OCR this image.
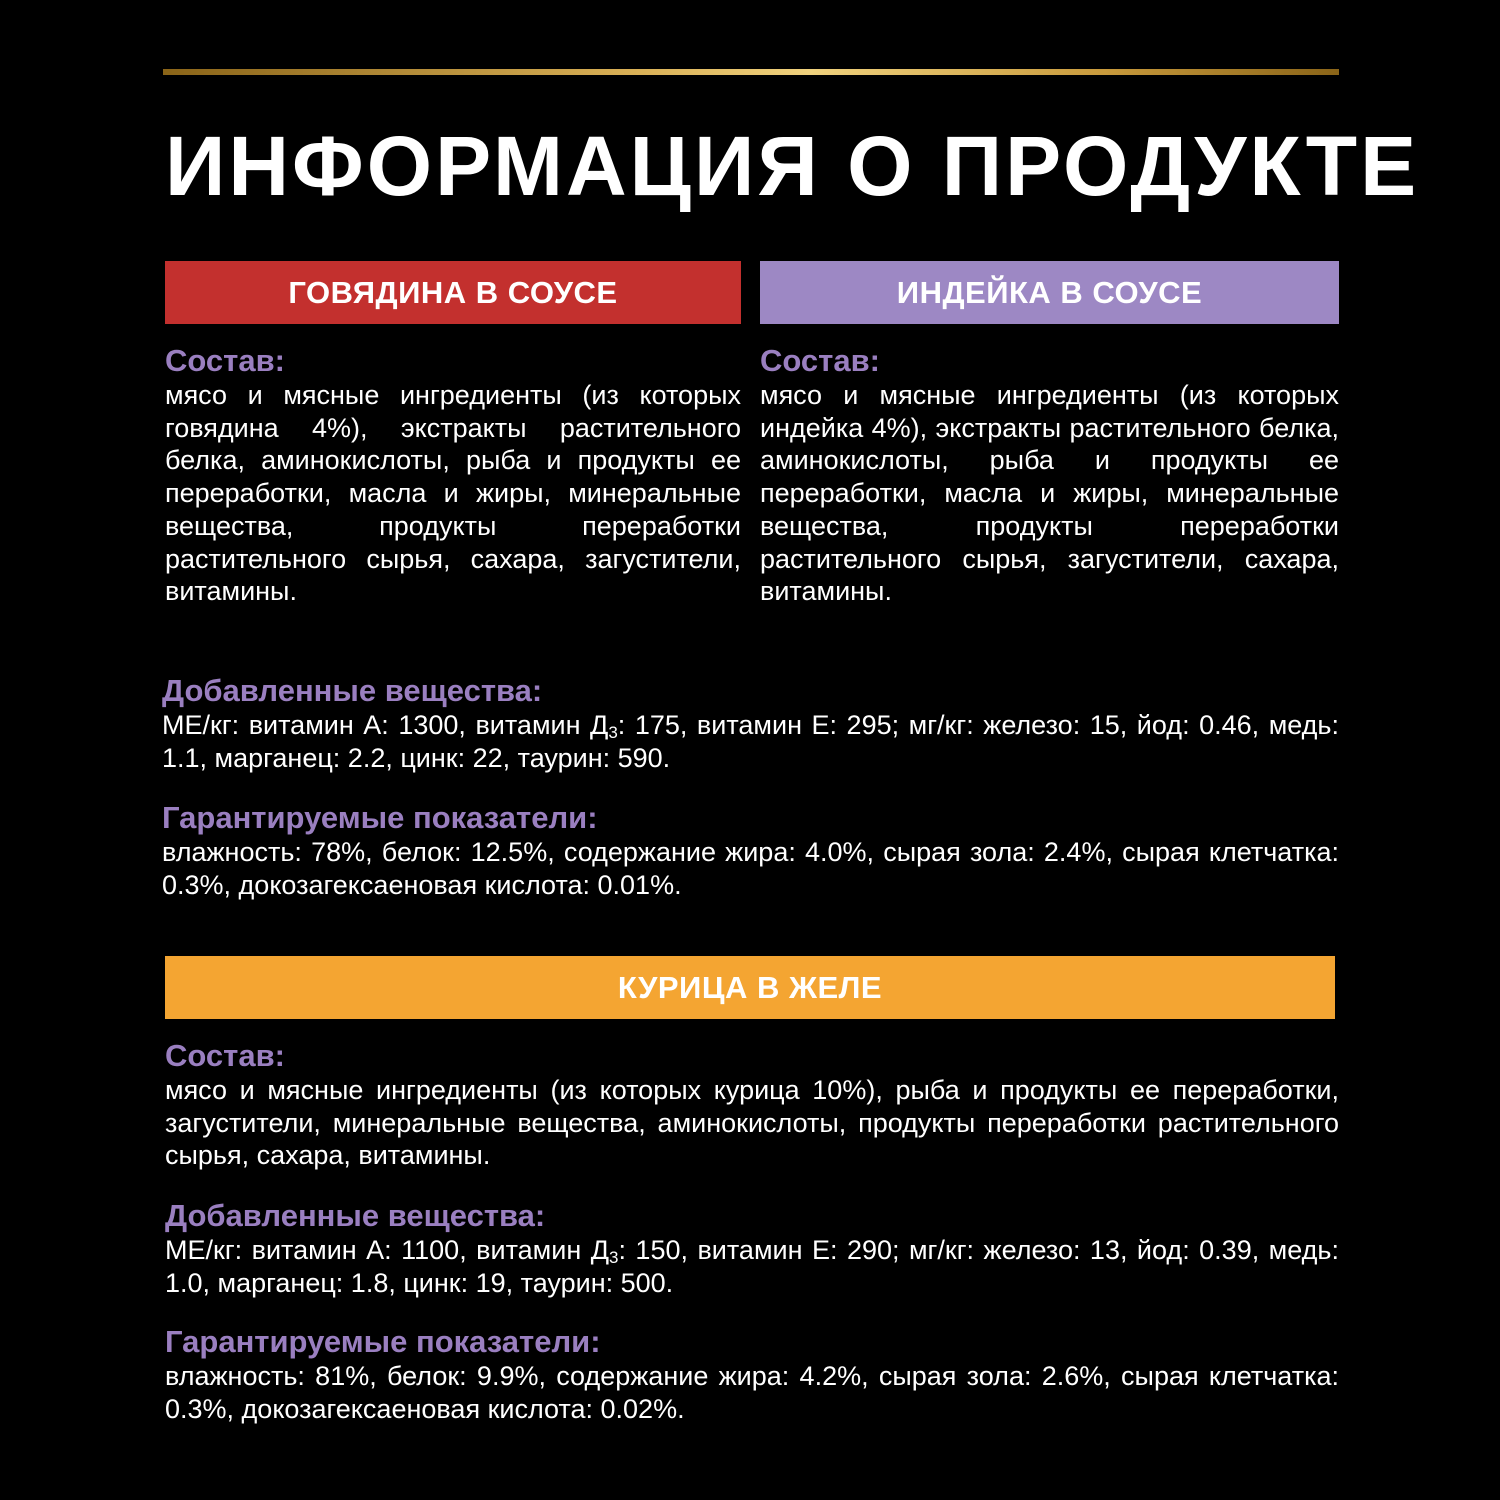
ИНФОРМАЦИЯ О ПРОДУКТЕ
ГОВЯДИНА В СОУСЕ

Состав:

мясо и мясные ингредиенты (из которых говядина 4%), экстракты растительного белка, аминокислоты, рыба и продукты ее переработки, масла и жиры, минеральные вещества, продукты переработки растительного сырья, сахара, загустители, витамины.

ИНДЕЙКА В СОУСЕ

Состав:

мясо и мясные ингредиенты (из которых индейка 4%), экстракты растительного белка, аминокислоты, рыба и продукты ее переработки, масла и жиры, минеральные вещества, продукты переработки растительного сырья, загустители, сахара, витамины.

Добавленные вещества:

МЕ/кг: витамин А: 1300, витамин $Д_3$: 175, витамин Е: 295; мг/кг: железо: 15, йод: 0.46, медь: 1.1, марганец: 2.2, цинк: 22, таурин: 590.

Гарантируемые показатели:

влажность: 78%, белок: 12.5%, содержание жира: 4.0%, сырая зола: 2.4%, сырая клетчатка: 0.3%, докозагексаеновая кислота: 0.01%.

КУРИЦА В ЖЕЛЕ

Состав:

мясо и мясные ингредиенты (из которых курица 10%), рыба и продукты ее переработки, загустители, минеральные вещества, аминокислоты, продукты переработки растительного сырья, сахара, витамины.

Добавленные вещества:

МЕ/кг: витамин А: 1100, витамин $Д_3$: 150, витамин Е: 290; мг/кг: железо: 13, йод: 0.39, медь: 1.0, марганец: 1.8, цинк: 19, таурин: 500.

Гарантируемые показатели:

влажность: 81%, белок: 9.9%, содержание жира: 4.2%, сырая зола: 2.6%, сырая клетчатка: 0.3%, докозагексаеновая кислота: 0.02%.
